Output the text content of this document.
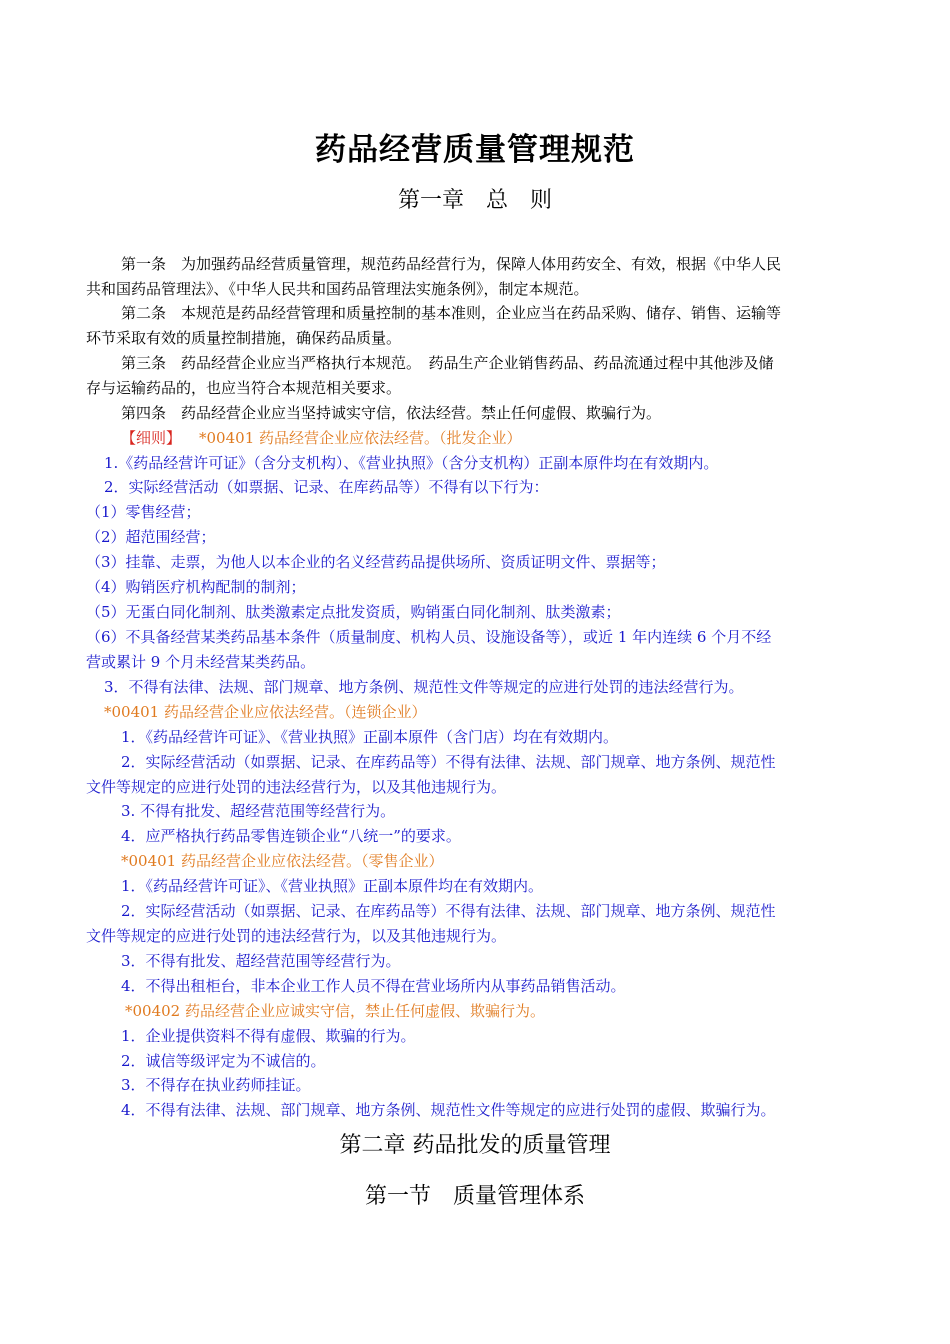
药品经营质量管理规范
第一章　总　则
第一条　为加强药品经营质量管理，规范药品经营行为，保障人体用药安全、有效，根据《中华人民
共和国药品管理法》、《中华人民共和国药品管理法实施条例》，制定本规范。
第二条　本规范是药品经营管理和质量控制的基本准则，企业应当在药品采购、储存、销售、运输等
环节采取有效的质量控制措施，确保药品质量。
第三条　药品经营企业应当严格执行本规范。　药品生产企业销售药品、药品流通过程中其他涉及储
存与运输药品的，也应当符合本规范相关要求。
第四条　药品经营企业应当坚持诚实守信，依法经营。禁止任何虚假、欺骗行为。
【细则】 *00401 药品经营企业应依法经营。（批发企业）
1.《药品经营许可证》（含分支机构）、《营业执照》（含分支机构）正副本原件均在有效期内。
2．实际经营活动（如票据、记录、在库药品等）不得有以下行为：
（1）零售经营；
（2）超范围经营；
（3）挂靠、走票，为他人以本企业的名义经营药品提供场所、资质证明文件、票据等；
（4）购销医疗机构配制的制剂；
（5）无蛋白同化制剂、肽类激素定点批发资质，购销蛋白同化制剂、肽类激素；
（6）不具备经营某类药品基本条件（质量制度、机构人员、设施设备等），或近 1 年内连续 6 个月不经
营或累计 9 个月未经营某类药品。
3．不得有法律、法规、部门规章、地方条例、规范性文件等规定的应进行处罚的违法经营行为。
*00401 药品经营企业应依法经营。（连锁企业）
1．《药品经营许可证》、《营业执照》正副本原件（含门店）均在有效期内。
2．实际经营活动（如票据、记录、在库药品等）不得有法律、法规、部门规章、地方条例、规范性
文件等规定的应进行处罚的违法经营行为，以及其他违规行为。
3. 不得有批发、超经营范围等经营行为。
4．应严格执行药品零售连锁企业“八统一”的要求。
*00401 药品经营企业应依法经营。（零售企业）
1．《药品经营许可证》、《营业执照》正副本原件均在有效期内。
2．实际经营活动（如票据、记录、在库药品等）不得有法律、法规、部门规章、地方条例、规范性
文件等规定的应进行处罚的违法经营行为，以及其他违规行为。
3．不得有批发、超经营范围等经营行为。
4．不得出租柜台，非本企业工作人员不得在营业场所内从事药品销售活动。
*00402 药品经营企业应诚实守信，禁止任何虚假、欺骗行为。
1．企业提供资料不得有虚假、欺骗的行为。
2．诚信等级评定为不诚信的。
3．不得存在执业药师挂证。
4．不得有法律、法规、部门规章、地方条例、规范性文件等规定的应进行处罚的虚假、欺骗行为。
第二章 药品批发的质量管理
第一节　质量管理体系
